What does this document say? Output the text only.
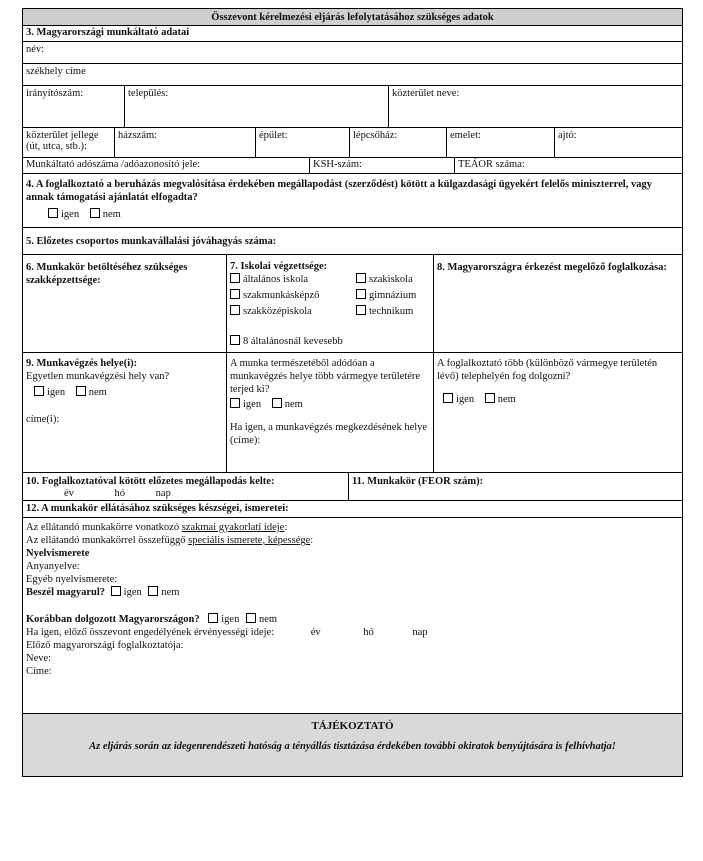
Összevont kérelmezési eljárás lefolytatásához szükséges adatok
3. Magyarországi munkáltató adatai
név:
székhely címe
irányítószám:	település:	közterület neve:
közterület jellege
(út, utca, stb.):
házszám:	épület:	lépcsőház:	emelet:	ajtó:
Munkáltató adószáma /adóazonosító jele:	KSH-szám:	TEÁOR száma:
4. A foglalkoztató a beruházás megvalósítása érdekében megállapodást (szerződést) kötött a külgazdasági ügyekért felelős miniszterrel, vagy annak támogatási ajánlatát elfogadta?
igen nem
5. Előzetes csoportos munkavállalási jóváhagyás száma:
6. Munkakör betöltéséhez szükséges szakképzettsége:
7. Iskolai végzettsége:
általános iskola
szakmunkásképző
szakközépiskola
szakiskola
gimnázium
technikum
8 általánosnál kevesebb
8. Magyarországra érkezést megelőző foglalkozása:
9. Munkavégzés helye(i):
Egyetlen munkavégzési hely van?
igen nem
címe(i):
A munka természetéből adódóan a munkavégzés helye több vármegye területére terjed ki?
igen nem
Ha igen, a munkavégzés megkezdésének helye (címe):
A foglalkoztató több (különböző vármegye területén lévő) telephelyén fog dolgozni?
igen nem
10. Foglalkoztatóval kötött előzetes megállapodás kelte:
év	hó	nap
11. Munkakör (FEOR szám):
12. A munkakör ellátásához szükséges készségei, ismeretei:
Az ellátandó munkakörre vonatkozó szakmai gyakorlati ideje:
Az ellátandó munkakörrel összefüggő speciális ismerete, képessége:
Nyelvismerete
Anyanyelve:
Egyéb nyelvismerete:
Beszél magyarul? igen nem
Korábban dolgozott Magyarországon? igen nem
Ha igen, előző összevont engedélyének érvényességi ideje:	év	hó	nap
Előző magyarországi foglalkoztatója:
Neve:
Címe:
TÁJÉKOZTATÓ
Az eljárás során az idegenrendészeti hatóság a tényállás tisztázása érdekében további okiratok benyújtására is felhívhatja!
